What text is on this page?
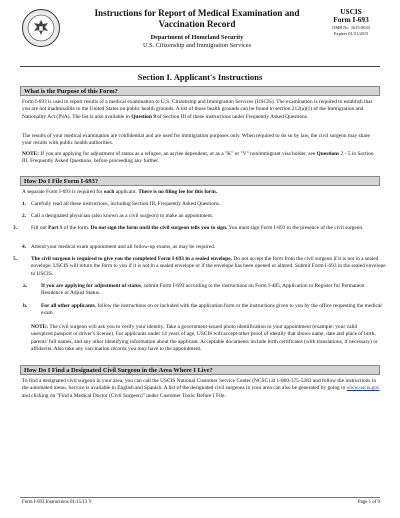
Instructions for Report of Medical Examination and
Vaccination Record
Department of Homeland Security
U.S. Citizenship and Immigration Services
USCIS
Form I-693
OMB No. 1615-0033
Expires 01/31/2015
Section I. Applicant's Instructions
What is the Purpose of this Form?

Form I-693 is used to report results of a medical examination to U.S. Citizenship and Immigration Services (USCIS). The examination is required to establish that you are not inadmissible to the United States on public health grounds. A list of those health grounds can be found in section 212(a)(1) of the Immigration and Nationality Act (INA). The list is also available in Question 9 of Section III of these instructions under Frequently Asked Questions.

The results of your medical examination are confidential and are used for immigration purposes only. When required to do so by law, the civil surgeon may share your results with public health authorities.

NOTE: If you are applying for adjustment of status as a refugee, an asylee dependent, or as a "K" or "V" nonimmigrant visa holder, see Questions 2 - 5 in Section III, Frequently Asked Questions, before proceeding any further.

How Do I File Form I-693?

A separate Form I-693 is required for each applicant. There is no filing fee for this form.

1. Carefully read all these instructions, including Section III, Frequently Asked Questions.

2. Call a designated physician (also known as a civil surgeon) to make an appointment.

3.	Fill out Part 1 of the form. Do not sign the form until the civil surgeon tells you to sign. You must sign Form I-693 in the presence of the civil surgeon.

4. Attend your medical exam appointment and all follow-up exams, as may be required.

5.	The civil surgeon is required to give you the completed Form I-693 in a sealed envelope. Do not accept the form from the civil surgeon if it is not in a sealed envelope. USCIS will return the form to you if it is not in a sealed envelope or if the envelope has been opened or altered. Submit Form I-693 in the sealed envelope to USCIS.

a.	If you are applying for adjustment of status, submit Form I-693 according to the instructions on Form I-485, Application to Register for Permanent Residence or Adjust Status.

b.	For all other applicants, follow the instructions on or included with the application form or the instructions given to you by the office requesting the medical exam.

NOTE: The civil surgeon will ask you to verify your identity. Take a government-issued photo identification to your appointment (example: your valid unexpired passport or driver's license). For applicants under 14 years of age, USCIS will accept other proof of identity that shows name, date and place of birth, parents' full names, and any other identifying information about the applicant. Acceptable documents include birth certificates (with translations, if necessary) or affidavits. Also take any vaccination records you may have to the appointment.

How Do I Find a Designated Civil Surgeon in the Area Where I Live?

To find a designated civil surgeon in your area, you can call the USCIS National Customer Service Center (NCSC) at 1-800-375-5283 and follow the instructions in the automated menu. Service is available in English and Spanish. A list of the designated civil surgeons in your area can also be generated by going to www.uscis.gov and clicking on "Find a Medical Doctor (Civil Surgeon)" under Customer Tools: Before I File.

Form I-693 Instructions 01/15/13 Y	Page 1 of 9
